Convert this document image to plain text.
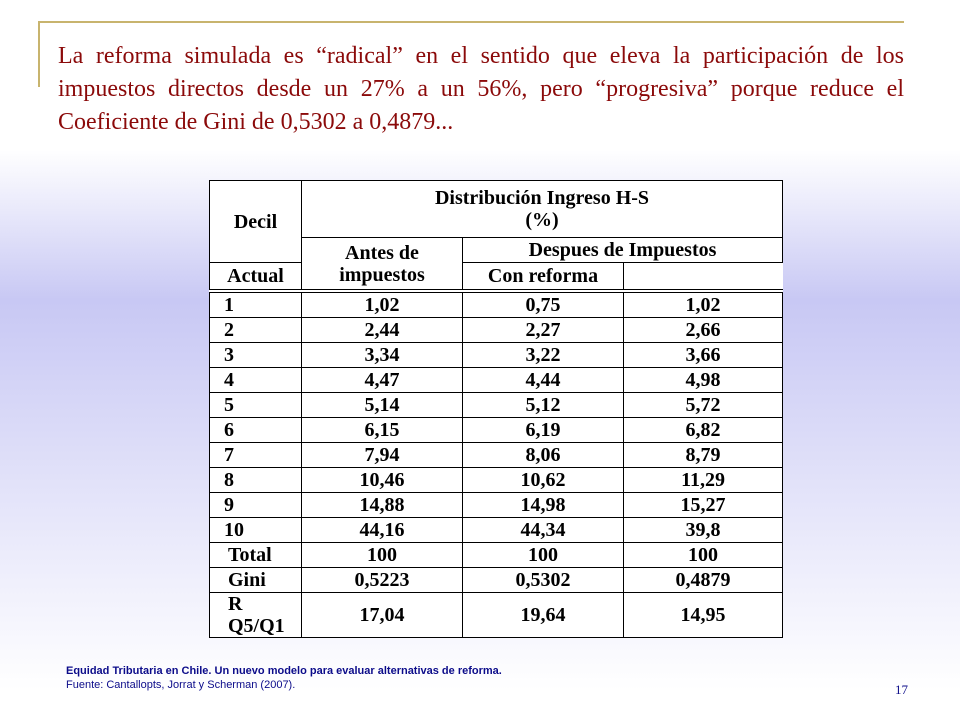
La reforma simulada es “radical” en el sentido que eleva la participación de los impuestos directos desde un 27% a un 56%, pero “progresiva” porque reduce el Coeficiente de Gini de 0,5302 a 0,4879...

Decil	Distribución Ingreso H-S
(%)		
	Antes de impuestos	Despues de Impuestos	
Actual		Con reforma	
1	1,02	0,75	1,02
2	2,44	2,27	2,66
3	3,34	3,22	3,66
4	4,47	4,44	4,98
5	5,14	5,12	5,72
6	6,15	6,19	6,82
7	7,94	8,06	8,79
8	10,46	10,62	11,29
9	14,88	14,98	15,27
10	44,16	44,34	39,8
Total	100	100	100
Gini	0,5223	0,5302	0,4879
R Q5/Q1	17,04	19,64	14,95
Equidad Tributaria en Chile. Un nuevo modelo para evaluar alternativas de reforma.
Fuente: Cantallopts, Jorrat y Scherman (2007).	17
